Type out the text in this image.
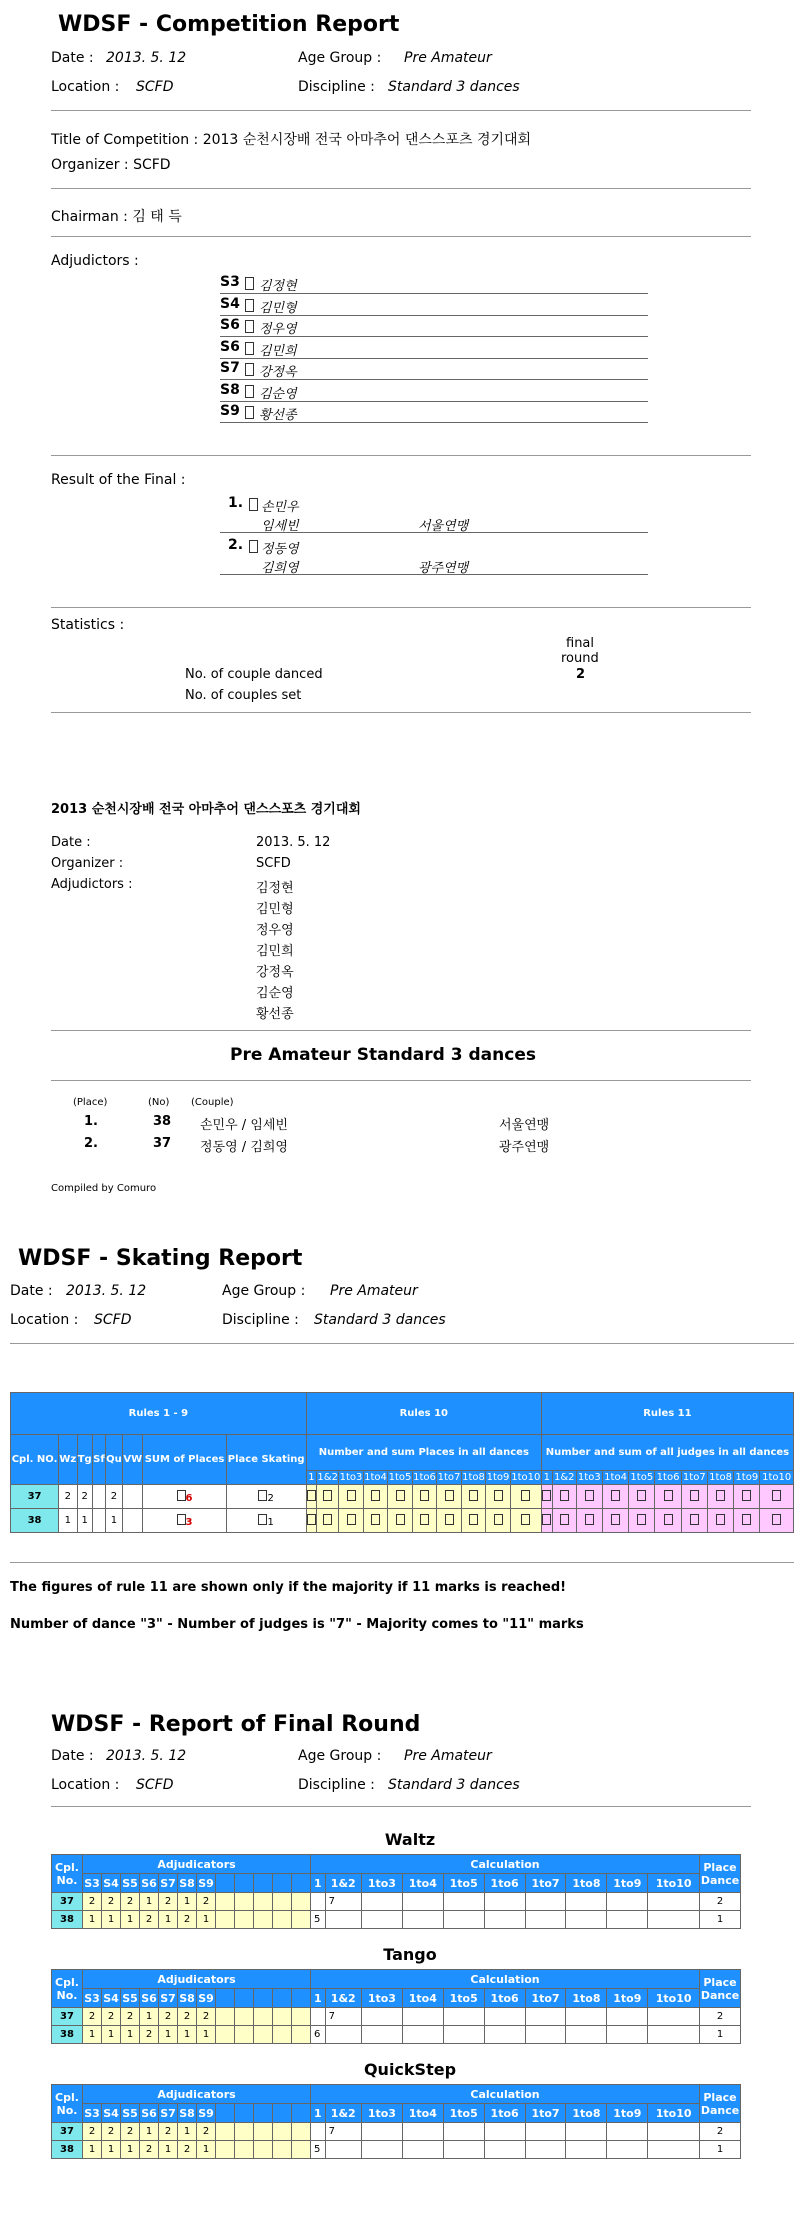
WDSF - Competition Report
Date : 2013. 5. 12	Age Group : Pre Amateur
Location : SCFD	Discipline : Standard 3 dances
Title of Competition : 2013 순천시장배 전국 아마추어 댄스스포츠 경기대회
Organizer : SCFD
Chairman : 김 태 득
Adjudictors :
S3 김정현
S4 김민형
S6 정우영
S6 김민희
S7 강정옥
S8 김순영
S9 황선종
Result of the Final :
1. 손민우
임세빈	서울연맹
2. 정동영
김희영	광주연맹
Statistics :
final
round
2
No. of couple danced
No. of couples set
2013 순천시장배 전국 아마추어 댄스스포츠 경기대회
Date :	2013. 5. 12
Organizer :	SCFD
Adjudictors :	김정현
김민형
정우영
김민희
강정옥
김순영
황선종
Pre Amateur Standard 3 dances
(Place)	(No) (Couple)
1.	38 손민우 / 임세빈	서울연맹
2.	37 정동영 / 김희영	광주연맹
Compiled by Comuro
WDSF - Skating Report
Date : 2013. 5. 12	Age Group : Pre Amateur
Location : SCFD	Discipline : Standard 3 dances
Rules 1 - 9								Rules 10										Rules 11									
Cpl. NO.	Wz	Tg	Sf	Qu	VW	SUM of Places	Place Skating	Number and sum Places in all dances										Number and sum of all judges in all dances									
								1	1&2	1to3	1to4	1to5	1to6	1to7	1to8	1to9	1to10	1	1&2	1to3	1to4	1to5	1to6	1to7	1to8	1to9	1to10
37	2	2		2		6	2																				
38	1	1		1		3	1																				
The figures of rule 11 are shown only if the majority if 11 marks is reached!
Number of dance "3" - Number of judges is "7" - Majority comes to "11" marks
WDSF - Report of Final Round
Date : 2013. 5. 12	Age Group : Pre Amateur
Location : SCFD	Discipline : Standard 3 dances
Waltz
Cpl. No.	Adjudicators												Calculation										Place Dance
	S3	S4	S5	S6	S7	S8	S9						1	1&2	1to3	1to4	1to5	1to6	1to7	1to8	1to9	1to10	
37	2	2	2	1	2	1	2							7									2
38	1	1	1	2	1	2	1						5										1
Tango
Cpl. No.	Adjudicators												Calculation										Place Dance
	S3	S4	S5	S6	S7	S8	S9						1	1&2	1to3	1to4	1to5	1to6	1to7	1to8	1to9	1to10	
37	2	2	2	1	2	2	2							7									2
38	1	1	1	2	1	1	1						6										1
QuickStep
Cpl. No.	Adjudicators												Calculation										Place Dance
	S3	S4	S5	S6	S7	S8	S9						1	1&2	1to3	1to4	1to5	1to6	1to7	1to8	1to9	1to10	
37	2	2	2	1	2	1	2							7									2
38	1	1	1	2	1	2	1						5										1
